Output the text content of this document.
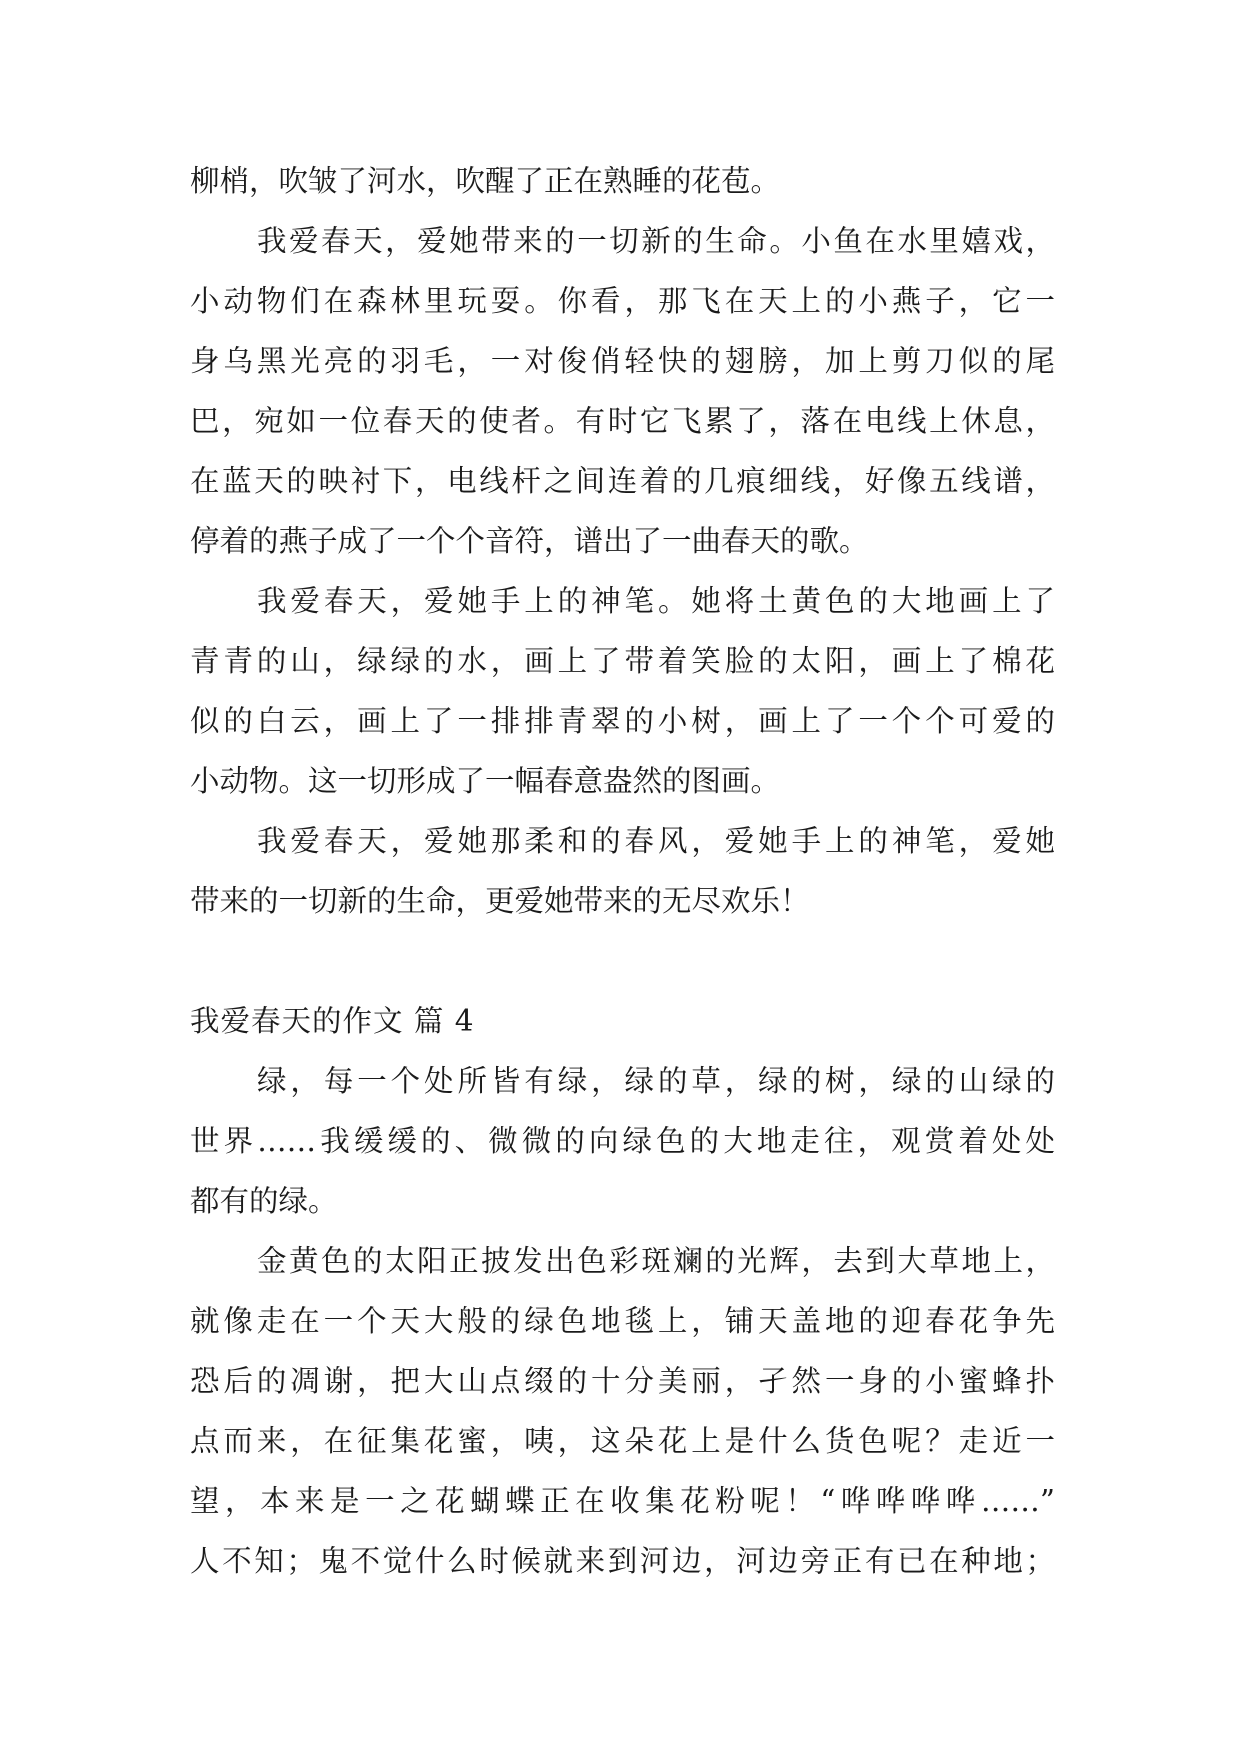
柳梢，吹皱了河水，吹醒了正在熟睡的花苞。
我爱春天，爱她带来的一切新的生命。小鱼在水里嬉戏，
小动物们在森林里玩耍。你看，那飞在天上的小燕子，它一
身乌黑光亮的羽毛，一对俊俏轻快的翅膀，加上剪刀似的尾
巴，宛如一位春天的使者。有时它飞累了，落在电线上休息，
在蓝天的映衬下，电线杆之间连着的几痕细线，好像五线谱，
停着的燕子成了一个个音符，谱出了一曲春天的歌。
我爱春天，爱她手上的神笔。她将土黄色的大地画上了
青青的山，绿绿的水，画上了带着笑脸的太阳，画上了棉花
似的白云，画上了一排排青翠的小树，画上了一个个可爱的
小动物。这一切形成了一幅春意盎然的图画。
我爱春天，爱她那柔和的春风，爱她手上的神笔，爱她
带来的一切新的生命，更爱她带来的无尽欢乐！
我爱春天的作文 篇 4
绿，每一个处所皆有绿，绿的草，绿的树，绿的山绿的
世界……我缓缓的、微微的向绿色的大地走往，观赏着处处
都有的绿。
金黄色的太阳正披发出色彩斑斓的光辉，去到大草地上，
就像走在一个天大般的绿色地毯上，铺天盖地的迎春花争先
恐后的凋谢，把大山点缀的十分美丽，孑然一身的小蜜蜂扑
点而来，在征集花蜜，咦，这朵花上是什么货色呢？走近一
望，本来是一之花蝴蝶正在收集花粉呢！“哗哗哗哗……”
人不知；鬼不觉什么时候就来到河边，河边旁正有已在种地；
